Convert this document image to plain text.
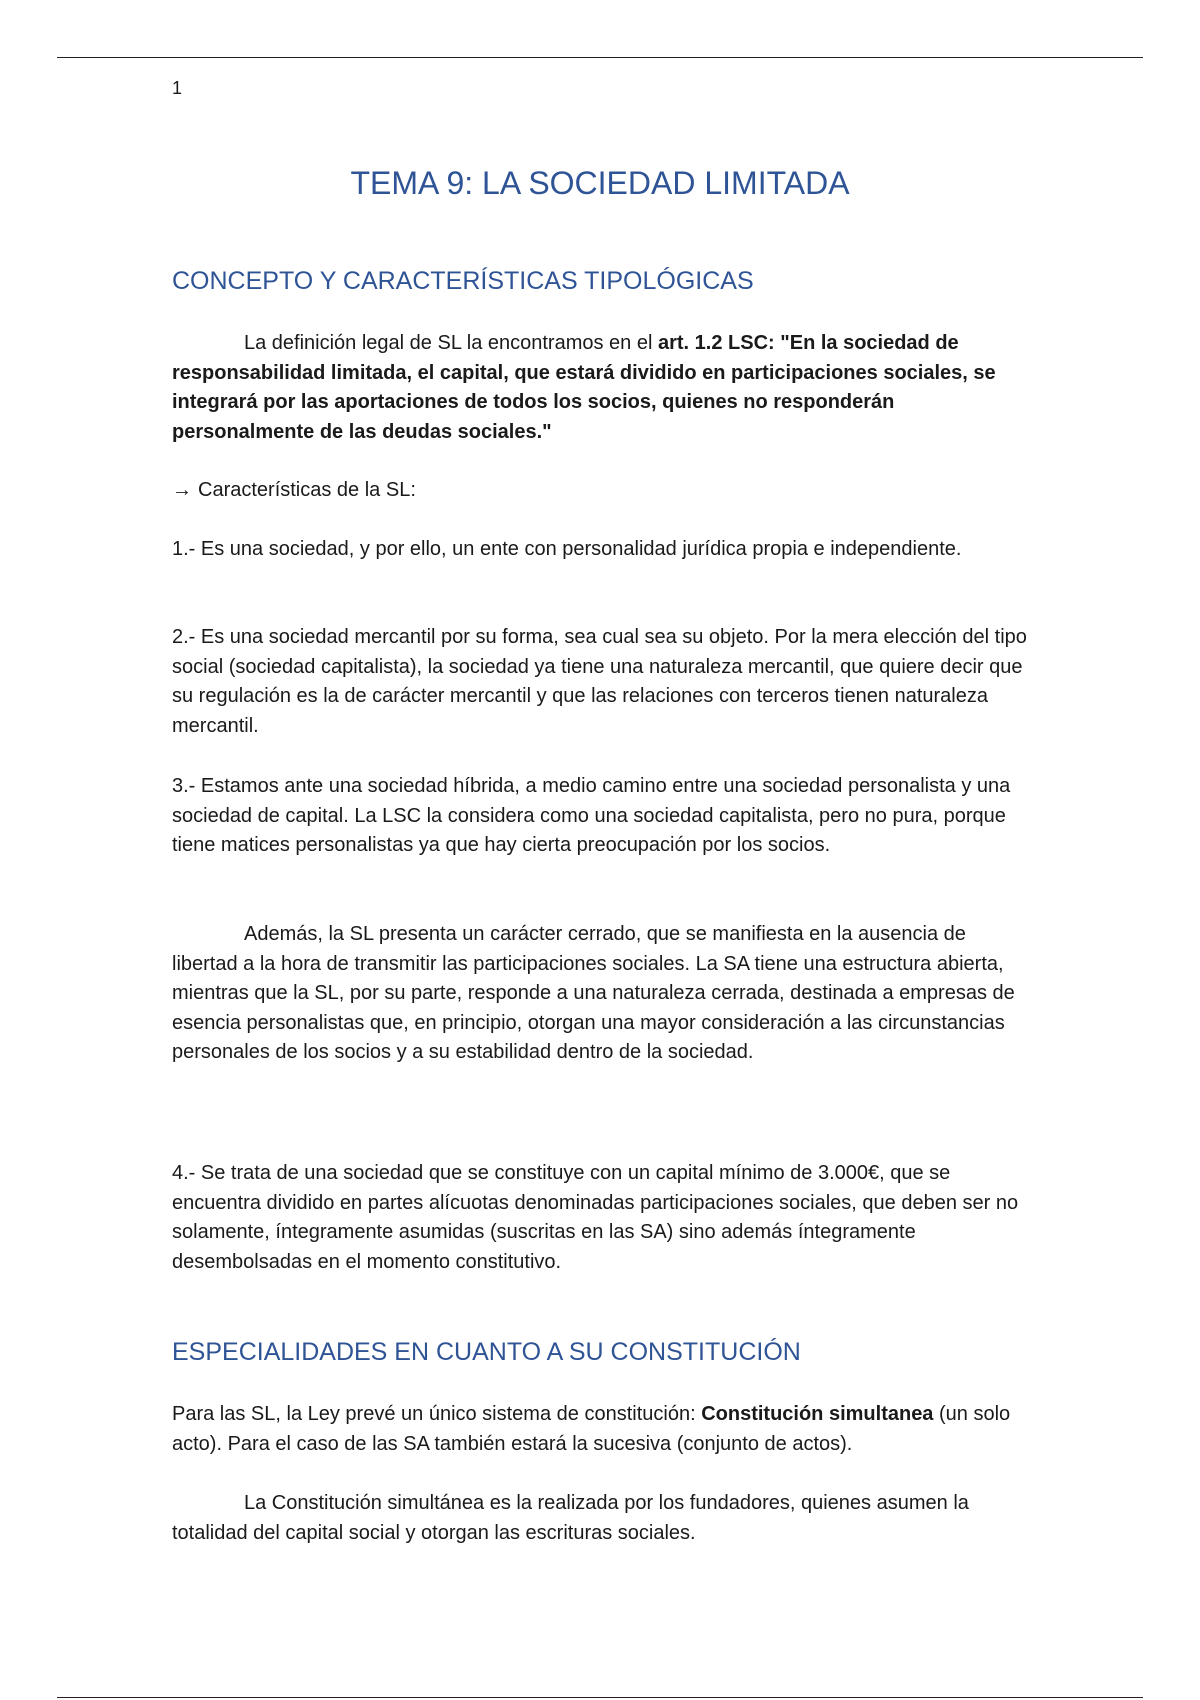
1
TEMA 9: LA SOCIEDAD LIMITADA
CONCEPTO Y CARACTERÍSTICAS TIPOLÓGICAS

La definición legal de SL la encontramos en el art. 1.2 LSC: "En la sociedad de responsabilidad limitada, el capital, que estará dividido en participaciones sociales, se integrará por las aportaciones de todos los socios, quienes no responderán personalmente de las deudas sociales."

→ Características de la SL:

1.- Es una sociedad, y por ello, un ente con personalidad jurídica propia e independiente.

2.- Es una sociedad mercantil por su forma, sea cual sea su objeto. Por la mera elección del tipo social (sociedad capitalista), la sociedad ya tiene una naturaleza mercantil, que quiere decir que su regulación es la de carácter mercantil y que las relaciones con terceros tienen naturaleza mercantil.

3.- Estamos ante una sociedad híbrida, a medio camino entre una sociedad personalista y una sociedad de capital. La LSC la considera como una sociedad capitalista, pero no pura, porque tiene matices personalistas ya que hay cierta preocupación por los socios.

Además, la SL presenta un carácter cerrado, que se manifiesta en la ausencia de libertad a la hora de transmitir las participaciones sociales. La SA tiene una estructura abierta, mientras que la SL, por su parte, responde a una naturaleza cerrada, destinada a empresas de esencia personalistas que, en principio, otorgan una mayor consideración a las circunstancias personales de los socios y a su estabilidad dentro de la sociedad.

4.- Se trata de una sociedad que se constituye con un capital mínimo de 3.000€, que se encuentra dividido en partes alícuotas denominadas participaciones sociales, que deben ser no solamente, íntegramente asumidas (suscritas en las SA) sino además íntegramente desembolsadas en el momento constitutivo.

ESPECIALIDADES EN CUANTO A SU CONSTITUCIÓN

Para las SL, la Ley prevé un único sistema de constitución: Constitución simultanea (un solo acto). Para el caso de las SA también estará la sucesiva (conjunto de actos).

La Constitución simultánea es la realizada por los fundadores, quienes asumen la totalidad del capital social y otorgan las escrituras sociales.
